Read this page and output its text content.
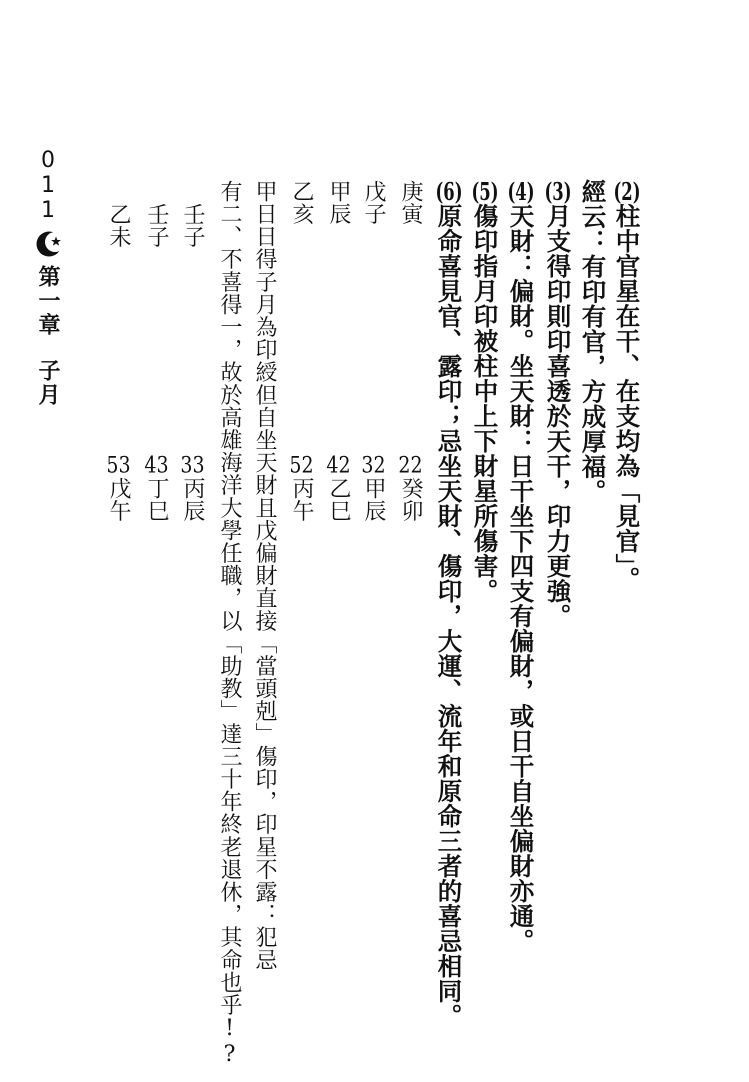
0
1
1
第一章子月
(2)柱中官星在干、在支均為「見官」。
經云：有印有官，方成厚福。
(3)月支得印則印喜透於天干，印力更強。
(4)天財：偏財。坐天財：日干坐下四支有偏財，或日干自坐偏財亦通。
(5)傷印指月印被柱中上下財星所傷害。
(6)原命喜見官、露印；忌坐天財、傷印，大運、流年和原命三者的喜忌相同。
庚寅
戊子
甲辰
乙亥
22癸卯
32甲辰
42乙巳
52丙午
甲日日得子月為印綬但自坐天財且戊偏財直接「當頭剋」傷印，印星不露：犯忌
有二、不喜得一，故於高雄海洋大學任職，以「助教」達三十年終老退休，其命也乎!?
壬子
壬子
乙未
33丙辰
43丁巳
53戊午
